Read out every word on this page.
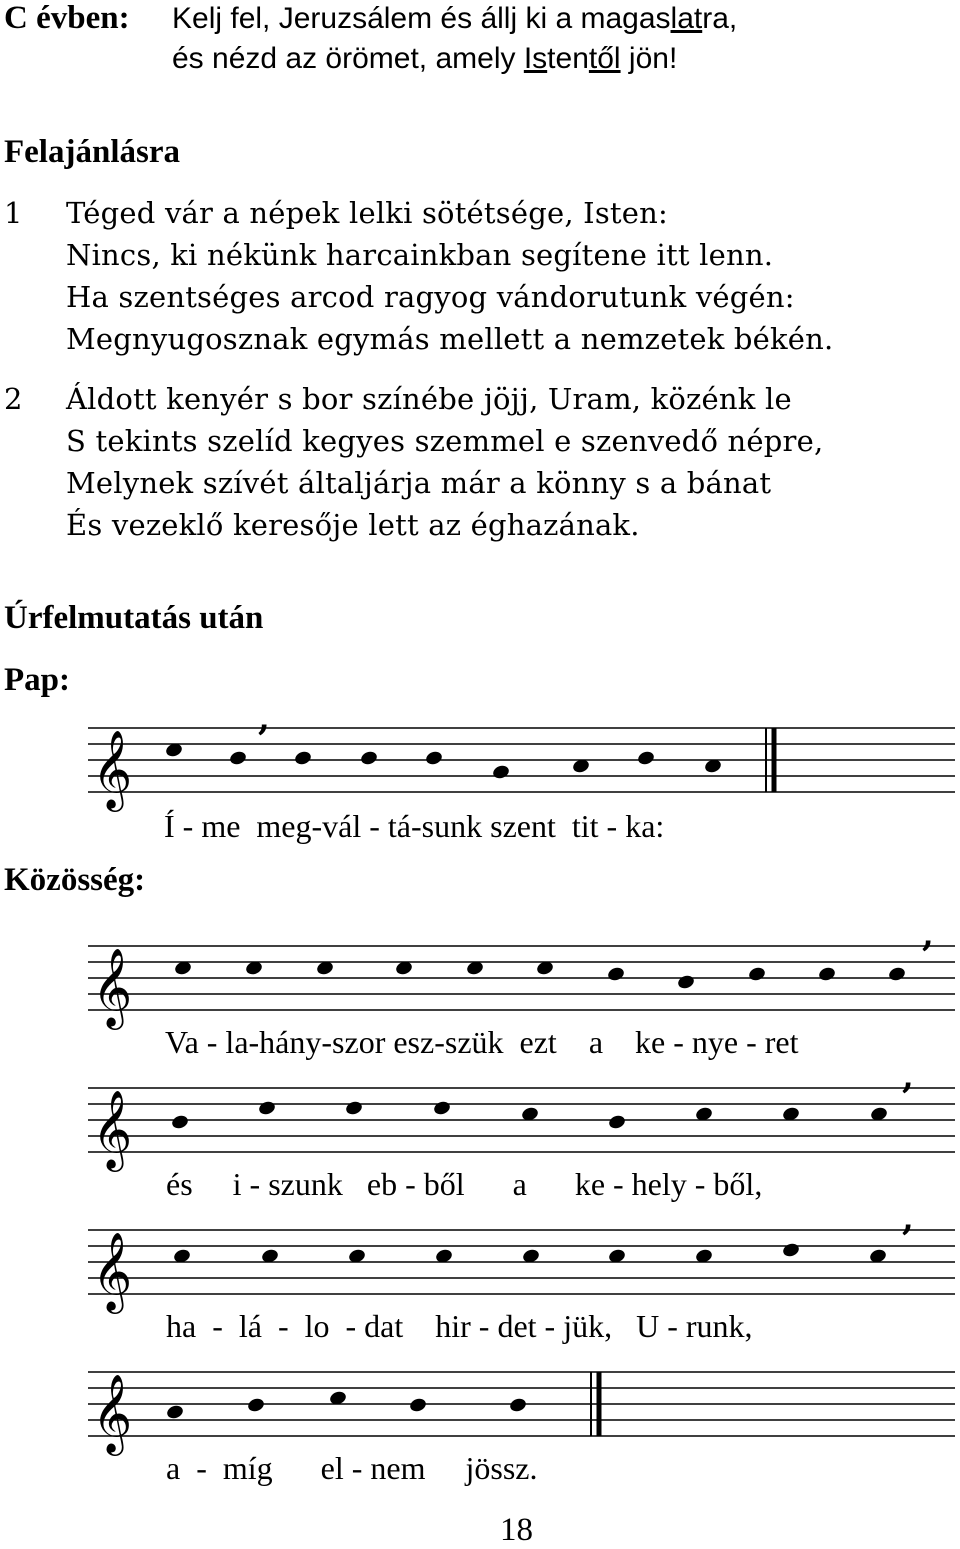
C évben: Kelj fel, Jeruzsálem és állj ki a magaslatra,
és nézd az örömet, amely Istentől jön!
Felajánlásra
1 Téged vár a népek lelki sötétsége, Isten:
Nincs, ki nékünk harcainkban segítene itt lenn.
Ha szentséges arcod ragyog vándorutunk végén:
Megnyugosznak egymás mellett a nemzetek békén.
2 Áldott kenyér s bor színébe jöjj, Uram, közénk le
S tekints szelíd kegyes szemmel e szenvedő népre,
Melynek szívét általjárja már a könny s a bánat
És vezeklő keresője lett az éghazának.
Úrfelmutatás után
Pap:
𝄞
,
Í - me meg-vál - tá-sunk szent tit - ka:
Közösség:
𝄞
,
Va - la-hány-szor esz-szük ezt a ke - nye - ret
𝄞
,
és i - szunk eb - ből a ke - hely - ből,
𝄞
,
ha - lá - lo - dat hir - det - jük, U - runk,
𝄞
a - míg el - nem jössz.
18
